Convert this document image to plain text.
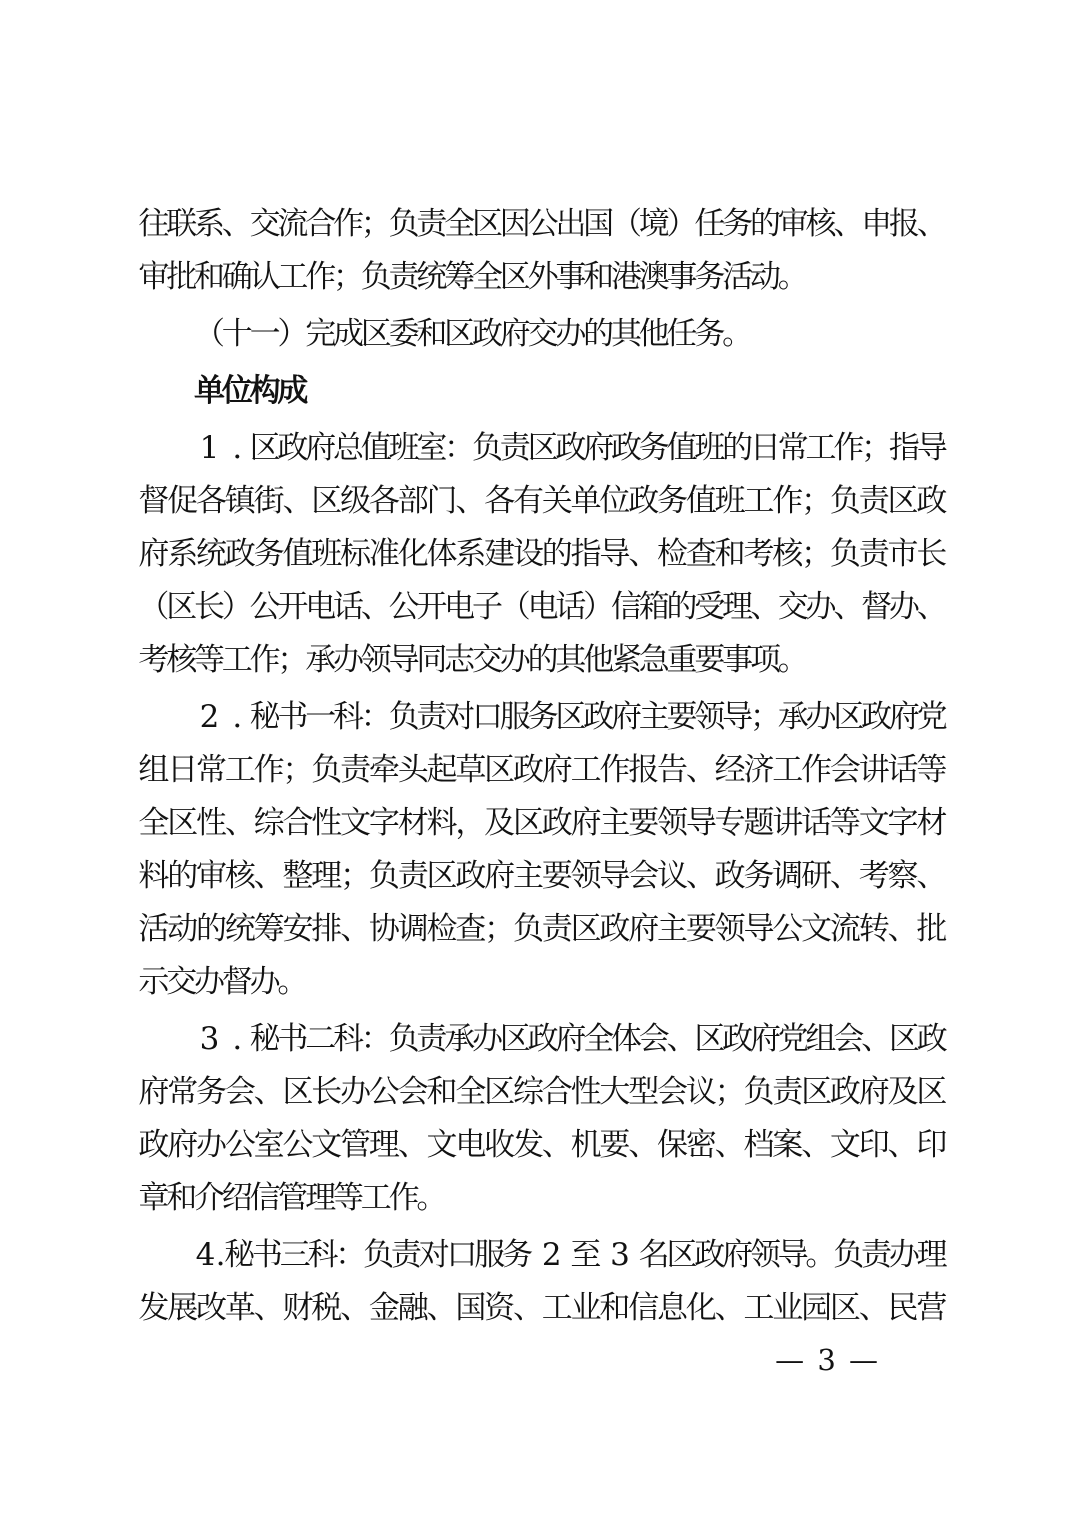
往
联
系
、
交
流
合
作
；
负
责
全
区
因
公
出
国
（
境
）
任
务
的
审
核
、
申
报
、
审
批
和
确
认
工
作
；
负
责
统
筹
全
区
外
事
和
港
澳
事
务
活
动
。
（
十
一
）
完
成
区
委
和
区
政
府
交
办
的
其
他
任
务
。
单
位
构
成
1 . 区
政
府
总
值
班
室
：
负
责
区
政
府
政
务
值
班
的
日
常
工
作
；
指
导
督
促
各
镇
街
、
区
级
各
部
门
、
各
有
关
单
位
政
务
值
班
工
作
；
负
责
区
政
府
系
统
政
务
值
班
标
准
化
体
系
建
设
的
指
导
、
检
查
和
考
核
；
负
责
市
长
（
区
长
）
公
开
电
话
、
公
开
电
子
（
电
话
）
信
箱
的
受
理
、
交
办
、
督
办
、
考
核
等
工
作
；
承
办
领
导
同
志
交
办
的
其
他
紧
急
重
要
事
项
。
2 . 秘
书
一
科
：
负
责
对
口
服
务
区
政
府
主
要
领
导
；
承
办
区
政
府
党
组
日
常
工
作
；
负
责
牵
头
起
草
区
政
府
工
作
报
告
、
经
济
工
作
会
讲
话
等
全
区
性
、
综
合
性
文
字
材
料
，
及
区
政
府
主
要
领
导
专
题
讲
话
等
文
字
材
料
的
审
核
、
整
理
；
负
责
区
政
府
主
要
领
导
会
议
、
政
务
调
研
、
考
察
、
活
动
的
统
筹
安
排
、
协
调
检
查
；
负
责
区
政
府
主
要
领
导
公
文
流
转
、
批
示
交
办
督
办
。
3 . 秘
书
二
科
：
负
责
承
办
区
政
府
全
体
会
、
区
政
府
党
组
会
、
区
政
府
常
务
会
、
区
长
办
公
会
和
全
区
综
合
性
大
型
会
议
；
负
责
区
政
府
及
区
政
府
办
公
室
公
文
管
理
、
文
电
收
发
、
机
要
、
保
密
、
档
案
、
文
印
、
印
章
和
介
绍
信
管
理
等
工
作
。
4 .
秘
书
三
科
：
负
责
对
口
服
务 2 至 3 名
区
政
府
领
导
。
负
责
办
理
发
展
改
革
、
财
税
、
金
融
、
国
资
、
工
业
和
信
息
化
、
工
业
园
区
、
民
营
— 3 —
